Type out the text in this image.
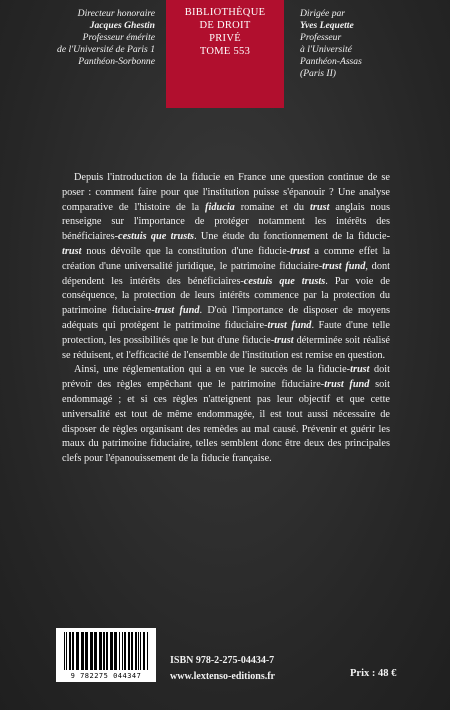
Directeur honoraire
Jacques Ghestin
Professeur émérite
de l'Université de Paris 1
Panthéon-Sorbonne
BIBLIOTHÈQUE
DE DROIT
PRIVÉ
TOME 553
Dirigée par
Yves Lequette
Professeur
à l'Université
Panthéon-Assas
(Paris II)

Depuis l'introduction de la fiducie en France une question continue de se poser : comment faire pour que l'institution puisse s'épanouir ? Une analyse comparative de l'histoire de la fiducia romaine et du trust anglais nous renseigne sur l'importance de protéger notamment les intérêts des bénéficiaires-cestuis que trusts. Une étude du fonctionnement de la fiducie-trust nous dévoile que la constitution d'une fiducie-trust a comme effet la création d'une universalité juridique, le patrimoine fiduciaire-trust fund, dont dépendent les intérêts des bénéficiaires-cestuis que trusts. Par voie de conséquence, la protection de leurs intérêts commence par la protection du patrimoine fiduciaire-trust fund. D'où l'importance de disposer de moyens adéquats qui protègent le patrimoine fiduciaire-trust fund. Faute d'une telle protection, les possibilités que le but d'une fiducie-trust déterminée soit réalisé se réduisent, et l'efficacité de l'ensemble de l'institution est remise en question.

Ainsi, une réglementation qui a en vue le succès de la fiducie-trust doit prévoir des règles empêchant que le patrimoine fiduciaire-trust fund soit endommagé ; et si ces règles n'atteignent pas leur objectif et que cette universalité est tout de même endommagée, il est tout aussi nécessaire de disposer de règles organisant des remèdes au mal causé. Prévenir et guérir les maux du patrimoine fiduciaire, telles semblent donc être deux des principales clefs pour l'épanouissement de la fiducie française.

9 782275 044347
ISBN 978-2-275-04434-7
www.lextenso-editions.fr	Prix : 48 €
